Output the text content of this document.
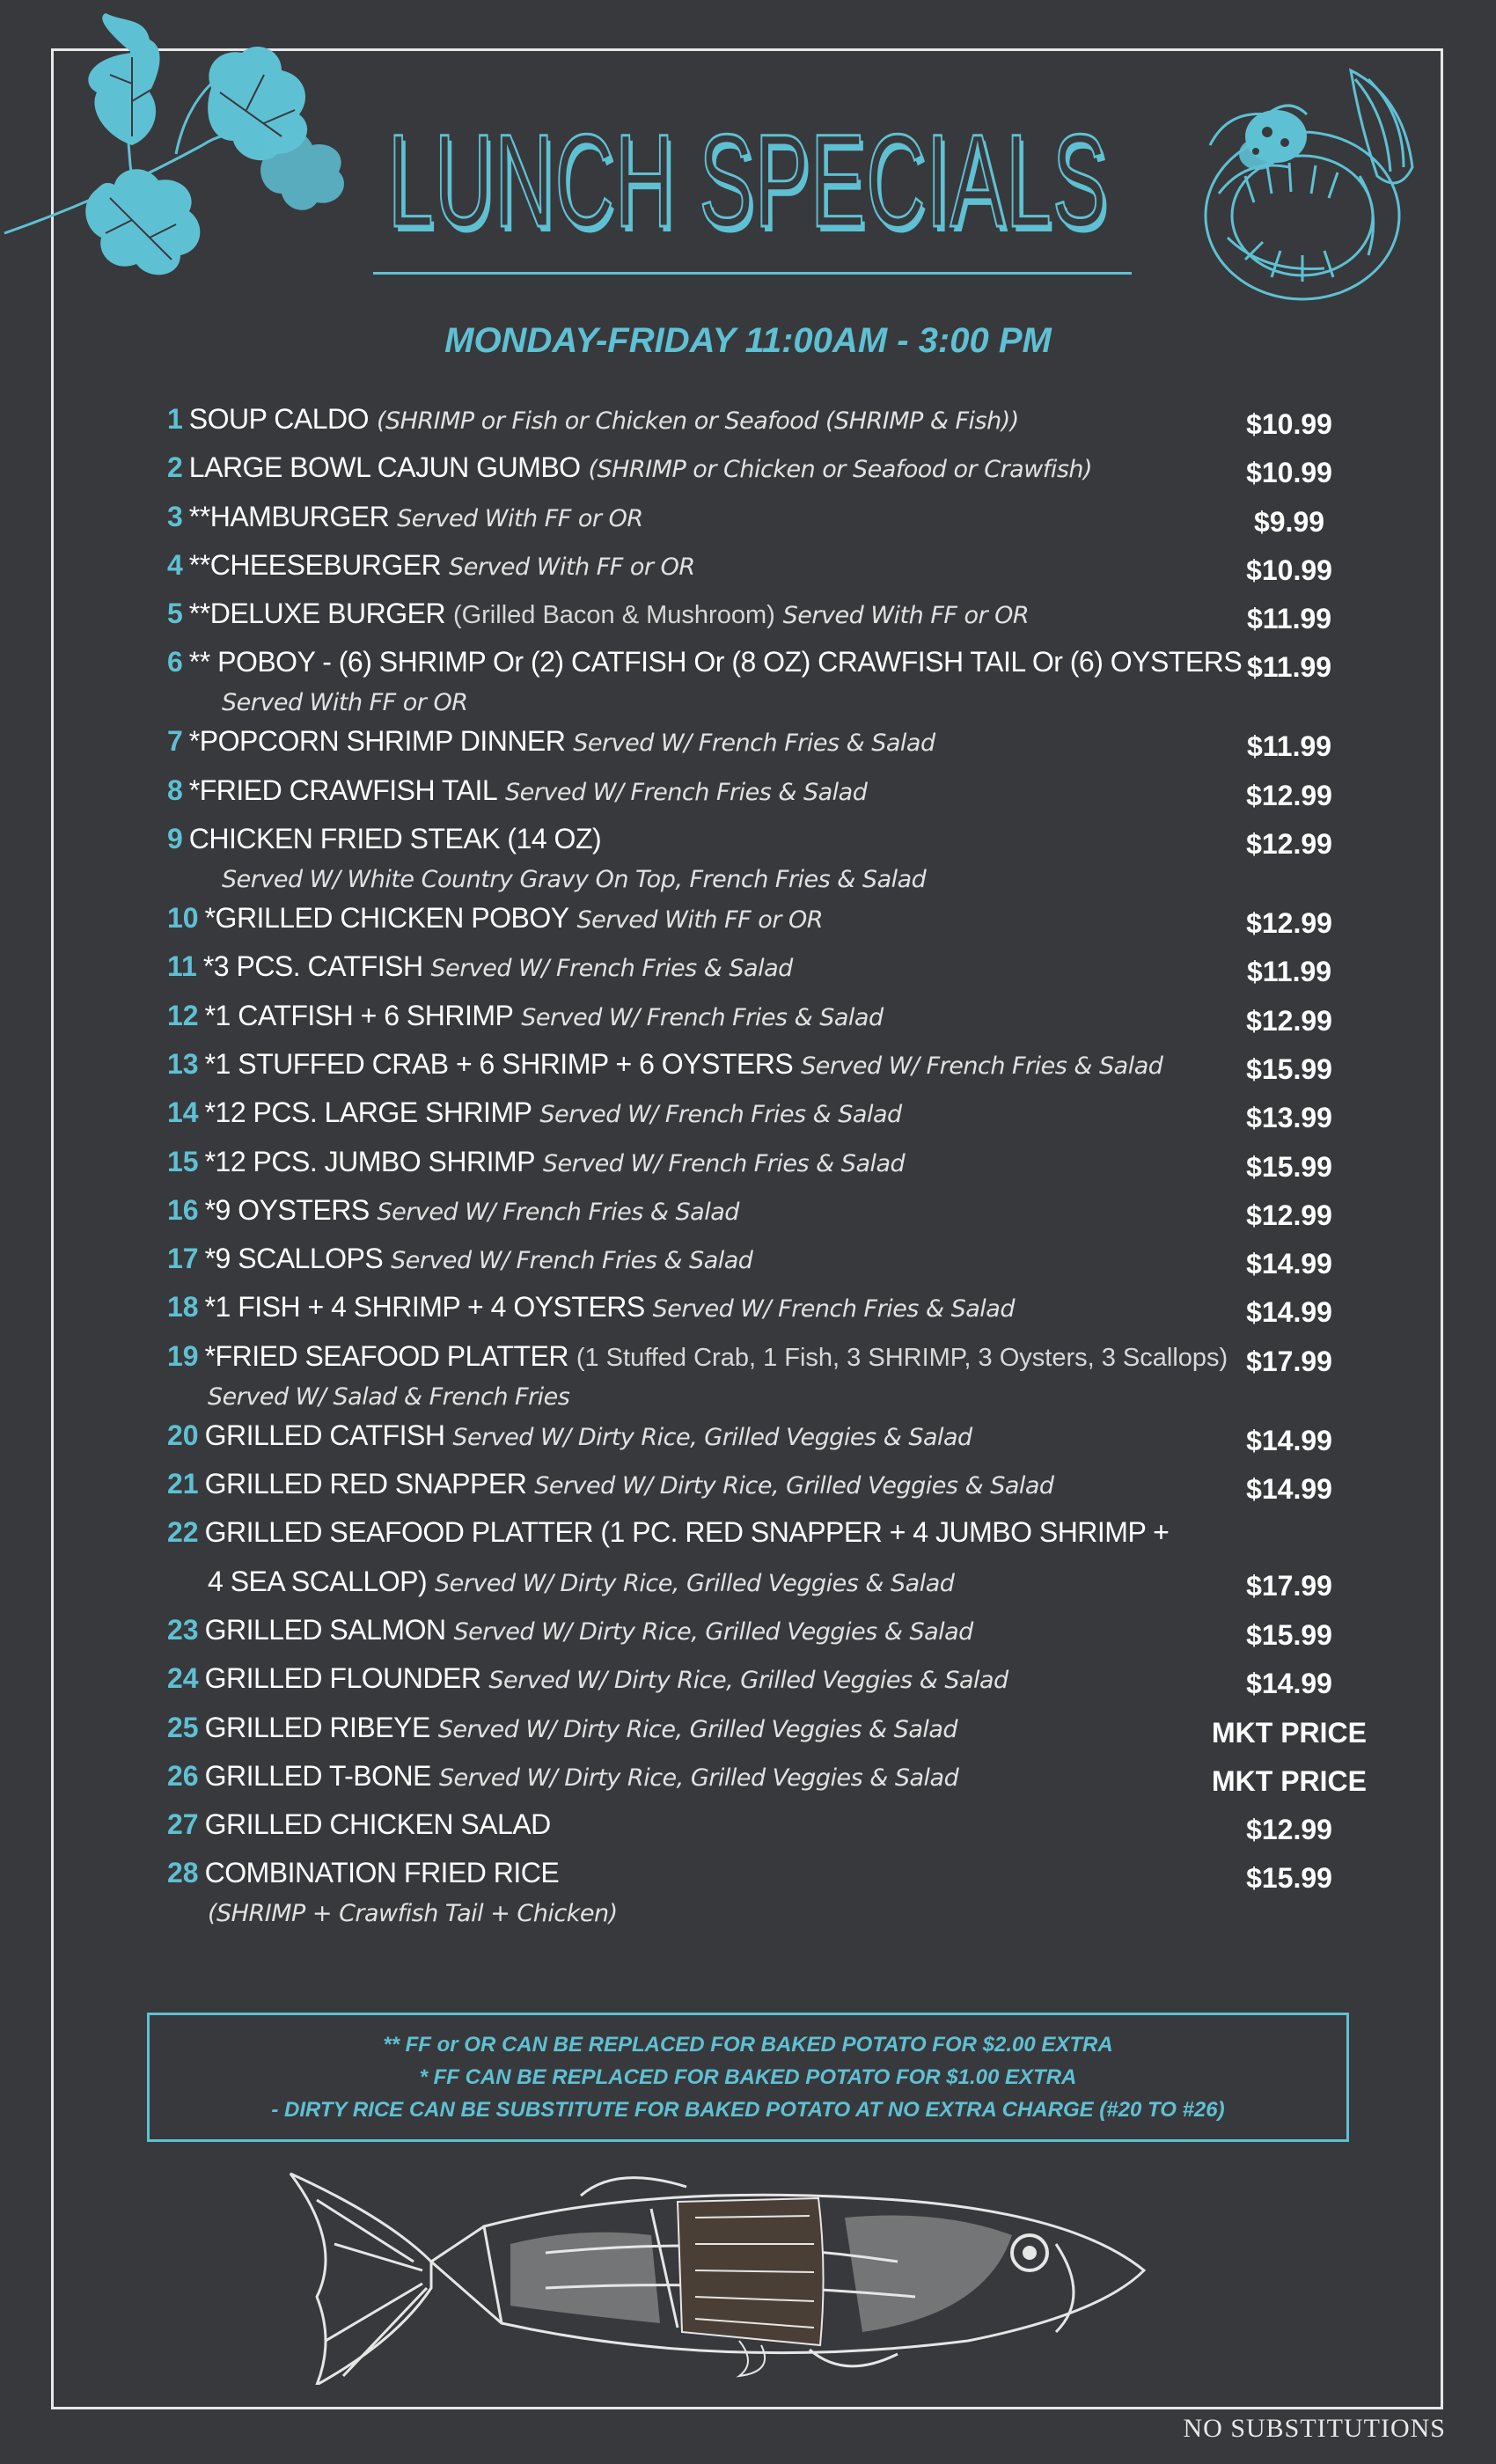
LUNCH SPECIALS
MONDAY-FRIDAY 11:00AM - 3:00 PM
1 SOUP CALDO (SHRIMP or Fish or Chicken or Seafood (SHRIMP & Fish))	$10.99
2 LARGE BOWL CAJUN GUMBO (SHRIMP or Chicken or Seafood or Crawfish)	$10.99
3 **HAMBURGER Served With FF or OR	$9.99
4 **CHEESEBURGER Served With FF or OR	$10.99
5 **DELUXE BURGER (Grilled Bacon & Mushroom) Served With FF or OR	$11.99
6 ** POBOY - (6) SHRIMP Or (2) CATFISH Or (8 OZ) CRAWFISH TAIL Or (6) OYSTERS
Served With FF or OR
$11.99
7 *POPCORN SHRIMP DINNER Served W/ French Fries & Salad	$11.99
8 *FRIED CRAWFISH TAIL Served W/ French Fries & Salad	$12.99
9 CHICKEN FRIED STEAK (14 OZ)
Served W/ White Country Gravy On Top, French Fries & Salad
$12.99
10 *GRILLED CHICKEN POBOY Served With FF or OR	$12.99
11 *3 PCS. CATFISH Served W/ French Fries & Salad	$11.99
12 *1 CATFISH + 6 SHRIMP Served W/ French Fries & Salad	$12.99
13 *1 STUFFED CRAB + 6 SHRIMP + 6 OYSTERS Served W/ French Fries & Salad	$15.99
14 *12 PCS. LARGE SHRIMP Served W/ French Fries & Salad	$13.99
15 *12 PCS. JUMBO SHRIMP Served W/ French Fries & Salad	$15.99
16 *9 OYSTERS Served W/ French Fries & Salad	$12.99
17 *9 SCALLOPS Served W/ French Fries & Salad	$14.99
18 *1 FISH + 4 SHRIMP + 4 OYSTERS Served W/ French Fries & Salad	$14.99
19 *FRIED SEAFOOD PLATTER (1 Stuffed Crab, 1 Fish, 3 SHRIMP, 3 Oysters, 3 Scallops)
Served W/ Salad & French Fries
$17.99
20 GRILLED CATFISH Served W/ Dirty Rice, Grilled Veggies & Salad	$14.99
21 GRILLED RED SNAPPER Served W/ Dirty Rice, Grilled Veggies & Salad	$14.99
22 GRILLED SEAFOOD PLATTER (1 PC. RED SNAPPER + 4 JUMBO SHRIMP +
4 SEA SCALLOP) Served W/ Dirty Rice, Grilled Veggies & Salad	$17.99
23 GRILLED SALMON Served W/ Dirty Rice, Grilled Veggies & Salad	$15.99
24 GRILLED FLOUNDER Served W/ Dirty Rice, Grilled Veggies & Salad	$14.99
25 GRILLED RIBEYE Served W/ Dirty Rice, Grilled Veggies & Salad	MKT PRICE
26 GRILLED T-BONE Served W/ Dirty Rice, Grilled Veggies & Salad	MKT PRICE
27 GRILLED CHICKEN SALAD	$12.99
28 COMBINATION FRIED RICE
(SHRIMP + Crawfish Tail + Chicken)
$15.99
** FF or OR CAN BE REPLACED FOR BAKED POTATO FOR $2.00 EXTRA
* FF CAN BE REPLACED FOR BAKED POTATO FOR $1.00 EXTRA
- DIRTY RICE CAN BE SUBSTITUTE FOR BAKED POTATO AT NO EXTRA CHARGE (#20 TO #26)
NO SUBSTITUTIONS
